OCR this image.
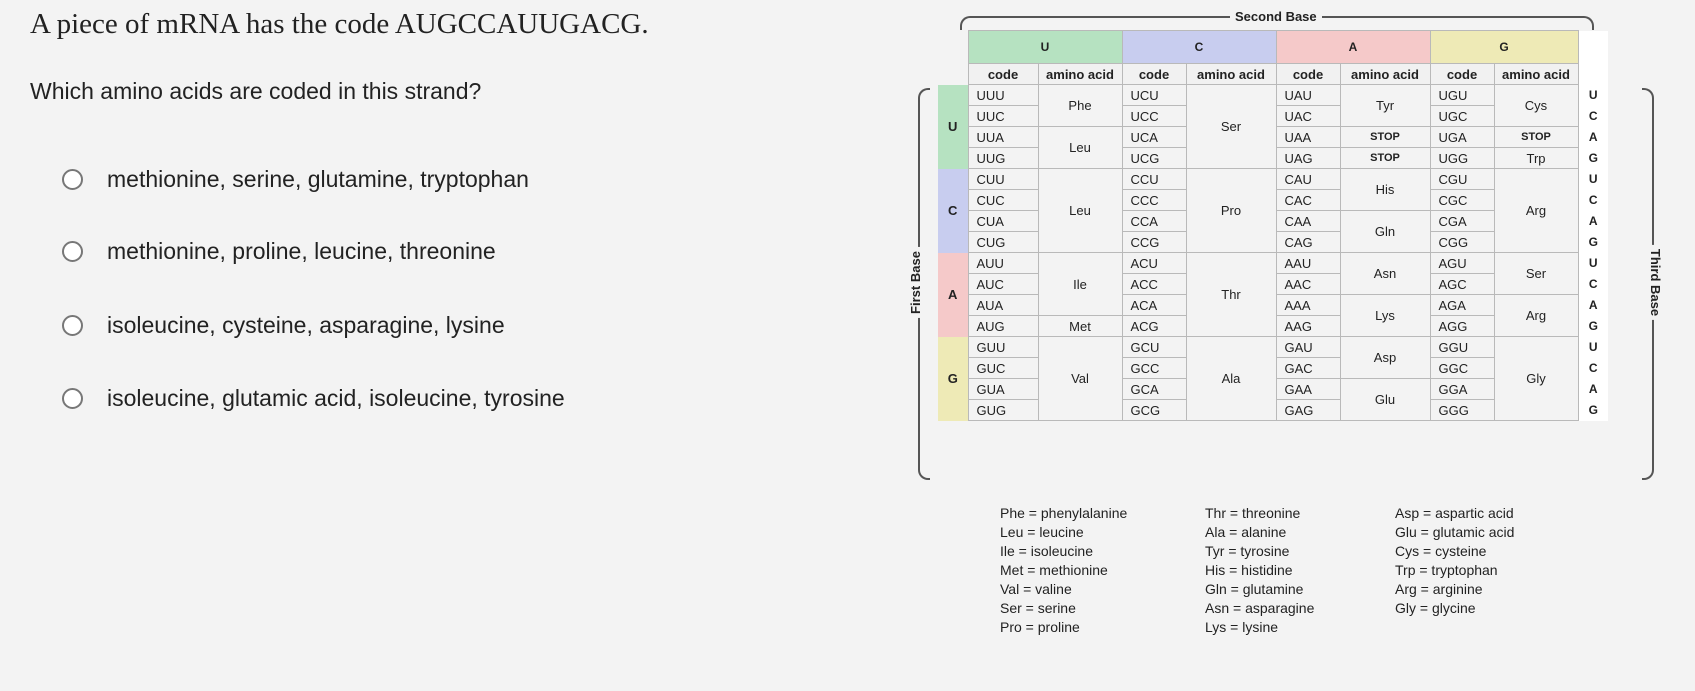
A piece of mRNA has the code AUGCCAUUGACG.
Which amino acids are coded in this strand?
methionine, serine, glutamine, tryptophan
methionine, proline, leucine, threonine
isoleucine, cysteine, asparagine, lysine
isoleucine, glutamic acid, isoleucine, tyrosine
Second Base
First Base	Third Base
	U		C		A		G		
	code	amino acid	code	amino acid	code	amino acid	code	amino acid	
U	UUU	Phe	UCU	Ser	UAU	Tyr	UGU	Cys	U
	UUC		UCC		UAC		UGC		C
	UUA	Leu	UCA		UAA	STOP	UGA	STOP	A
	UUG		UCG		UAG	STOP	UGG	Trp	G
C	CUU	Leu	CCU	Pro	CAU	His	CGU	Arg	U
	CUC		CCC		CAC		CGC		C
	CUA		CCA		CAA	Gln	CGA		A
	CUG		CCG		CAG		CGG		G
A	AUU	Ile	ACU	Thr	AAU	Asn	AGU	Ser	U
	AUC		ACC		AAC		AGC		C
	AUA		ACA		AAA	Lys	AGA	Arg	A
	AUG	Met	ACG		AAG		AGG		G
G	GUU	Val	GCU	Ala	GAU	Asp	GGU	Gly	U
	GUC		GCC		GAC		GGC		C
	GUA		GCA		GAA	Glu	GGA		A
	GUG		GCG		GAG		GGG		G
Phe = phenylalanine	Thr = threonine	Asp = aspartic acid
Leu = leucine	Ala = alanine	Glu = glutamic acid
Ile = isoleucine	Tyr = tyrosine	Cys = cysteine
Met = methionine	His = histidine	Trp = tryptophan
Val = valine	Gln = glutamine	Arg = arginine
Ser = serine	Asn = asparagine	Gly = glycine
Pro = proline	Lys = lysine
